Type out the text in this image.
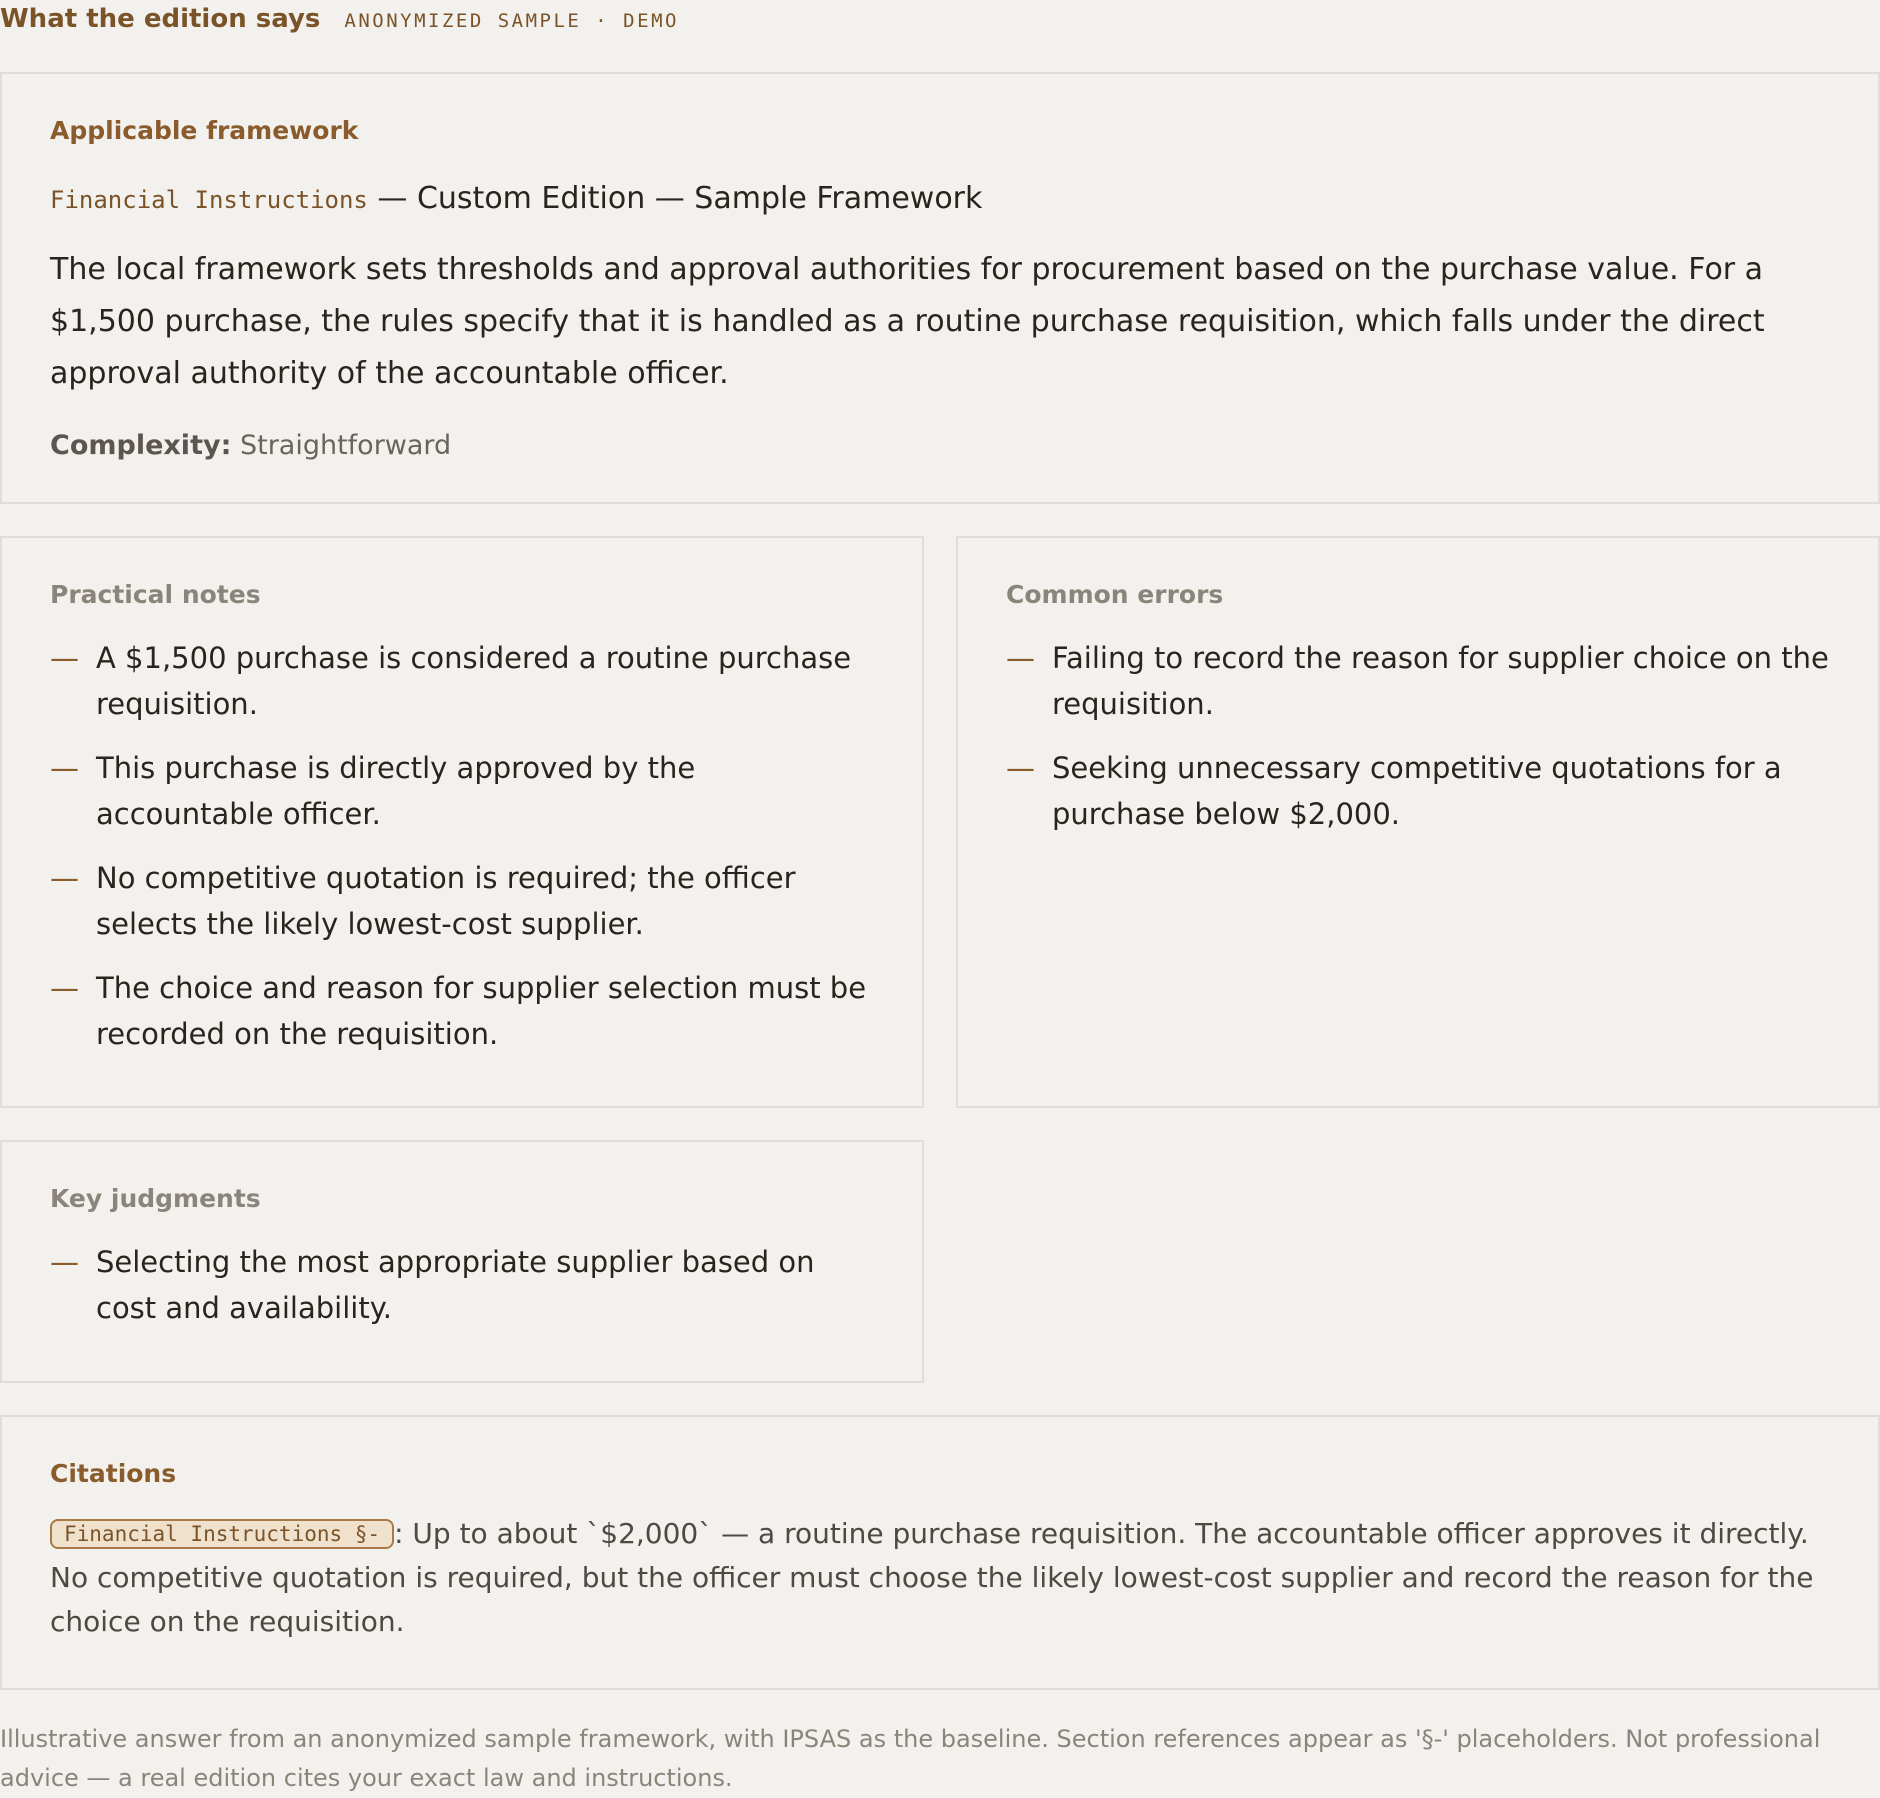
What the edition says ANONYMIZED SAMPLE · DEMO
Applicable framework
Financial Instructions — Custom Edition — Sample Framework

The local framework sets thresholds and approval authorities for procurement based on the purchase value. For a $1,500 purchase, the rules specify that it is handled as a routine purchase requisition, which falls under the direct approval authority of the accountable officer.

Complexity: Straightforward
Practical notes
— A $1,500 purchase is considered a routine purchase requisition.
— This purchase is directly approved by the accountable officer.
— No competitive quotation is required; the officer selects the likely lowest-cost supplier.
— The choice and reason for supplier selection must be recorded on the requisition.
Common errors
— Failing to record the reason for supplier choice on the requisition.
— Seeking unnecessary competitive quotations for a purchase below $2,000.
Key judgments
— Selecting the most appropriate supplier based on cost and availability.
Citations

Financial Instructions §- : Up to about `$2,000` — a routine purchase requisition. The accountable officer approves it directly. No competitive quotation is required, but the officer must choose the likely lowest-cost supplier and record the reason for the choice on the requisition.

Illustrative answer from an anonymized sample framework, with IPSAS as the baseline. Section references appear as '§-' placeholders. Not professional advice — a real edition cites your exact law and instructions.
